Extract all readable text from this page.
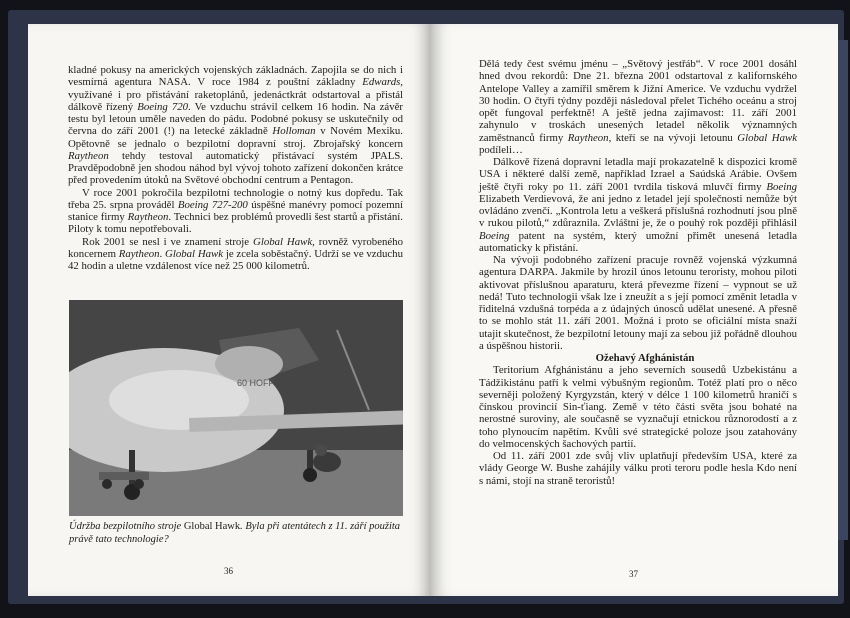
kladné pokusy na amerických vojenských základnách. Zapojila se do nich i vesmírná agentura NASA. V roce 1984 z pouštní základny Edwards, využívané i pro přistávání raketoplánů, jedenáctkrát odstartoval a přistál dálkově řízený Boeing 720. Ve vzduchu strávil celkem 16 hodin. Na závěr testu byl letoun uměle naveden do pádu. Podobné pokusy se uskutečnily od června do září 2001 (!) na letecké základně Holloman v Novém Mexiku. Opětovně se jednalo o bezpilotní dopravní stroj. Zbrojařský koncern Raytheon tehdy testoval automatický přistávací systém JPALS. Pravděpodobně jen shodou náhod byl vývoj tohoto zařízení dokončen krátce před provedením útoků na Světové obchodní centrum a Pentagon.

V roce 2001 pokročila bezpilotní technologie o notný kus dopředu. Tak třeba 25. srpna prováděl Boeing 727-200 úspěšné manévry pomocí pozemní stanice firmy Raytheon. Technici bez problémů provedli šest startů a přistání. Piloty k tomu nepotřebovali.

Rok 2001 se nesl i ve znamení stroje Global Hawk, rovněž vyrobeného koncernem Raytheon. Global Hawk je zcela soběstačný. Udrží se ve vzduchu 42 hodin a uletne vzdálenost více než 25 000 kilometrů.

60 HOFF
Údržba bezpilotního stroje Global Hawk. Byla při atentátech z 11. září použita právě tato technologie?
36

Dělá tedy čest svému jménu – „Světový jestřáb“. V roce 2001 dosáhl hned dvou rekordů: Dne 21. března 2001 odstartoval z kalifornského Antelope Valley a zamířil směrem k Jižní Americe. Ve vzduchu vydržel 30 hodin. O čtyři týdny později následoval přelet Tichého oceánu a stroj opět fungoval perfektně! A ještě jedna zajímavost: 11. září 2001 zahynulo v troskách unesených letadel několik významných zaměstnanců firmy Raytheon, kteří se na vývoji letounu Global Hawk podíleli…

Dálkově řízená dopravní letadla mají prokazatelně k dispozici kromě USA i některé další země, například Izrael a Saúdská Arábie. Ovšem ještě čtyři roky po 11. září 2001 tvrdila tisková mluvčí firmy Boeing Elizabeth Verdievová, že ani jedno z letadel její společnosti nemůže být ovládáno zvenčí. „Kontrola letu a veškerá příslušná rozhodnutí jsou plně v rukou pilotů,“ zdůraznila. Zvláštní je, že o pouhý rok později přihlásil Boeing patent na systém, který umožní přimět unesená letadla automaticky k přistání.

Na vývoji podobného zařízení pracuje rovněž vojenská výzkumná agentura DARPA. Jakmile by hrozil únos letounu teroristy, mohou piloti aktivovat příslušnou aparaturu, která převezme řízení – vypnout se už nedá! Tuto technologii však lze i zneužít a s její pomocí změnit letadla v řiditelná vzdušná torpéda a z údajných únosců udělat unesené. A přesně to se mohlo stát 11. září 2001. Možná i proto se oficiální místa snaží utajit skutečnost, že bezpilotní letouny mají za sebou již pořádně dlouhou a úspěšnou historii.

Ožehavý Afghánistán

Teritorium Afghánistánu a jeho severních sousedů Uzbekistánu a Tádžikistánu patří k velmi výbušným regionům. Totéž platí pro o něco severněji položený Kyrgyzstán, který v délce 1 100 kilometrů hraničí s čínskou provincií Sin-ťiang. Země v této části světa jsou bohaté na nerostné suroviny, ale současně se vyznačují etnickou různorodostí a z toho plynoucím napětím. Kvůli své strategické poloze jsou zatahovány do velmocenských šachových partií.

Od 11. září 2001 zde svůj vliv uplatňují především USA, které za vlády George W. Bushe zahájily válku proti teroru podle hesla Kdo není s námi, stojí na straně teroristů!

37
